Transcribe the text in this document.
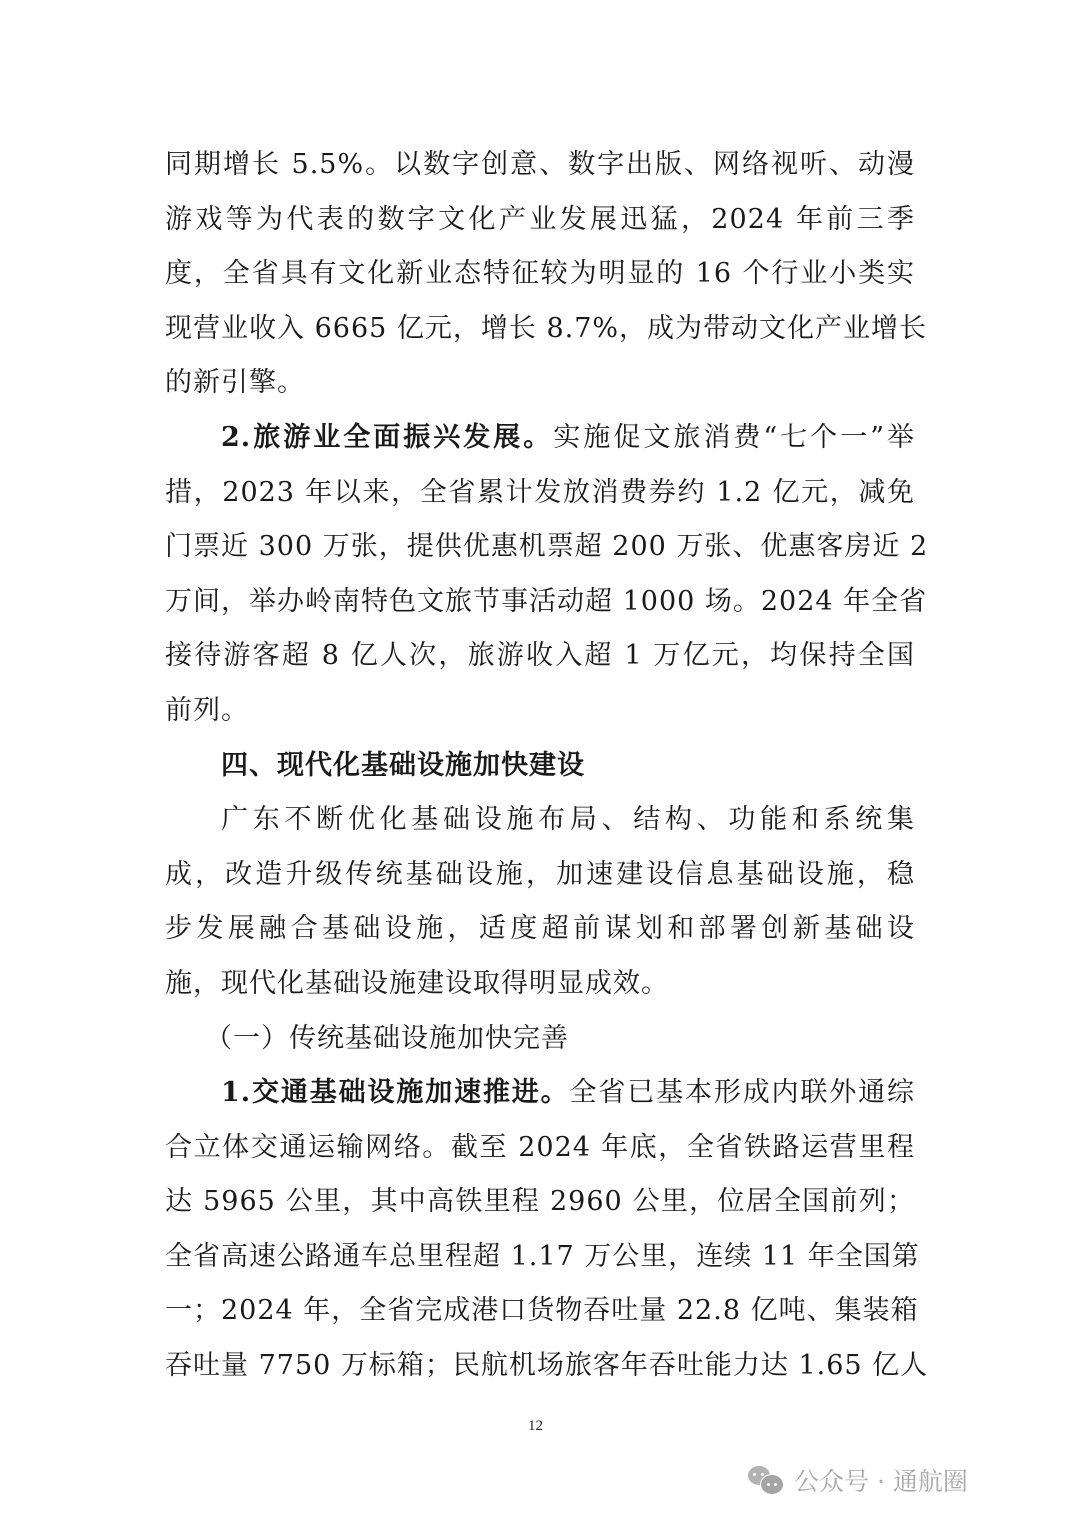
同期增长 5.5%。以数字创意、数字出版、网络视听、动漫
游戏等为代表的数字文化产业发展迅猛，2024 年前三季
度，全省具有文化新业态特征较为明显的 16 个行业小类实
现营业收入 6665 亿元，增长 8.7%，成为带动文化产业增长
的新引擎。
2.旅游业全面振兴发展。实施促文旅消费“七个一”举
措，2023 年以来，全省累计发放消费券约 1.2 亿元，减免
门票近 300 万张，提供优惠机票超 200 万张、优惠客房近 2
万间，举办岭南特色文旅节事活动超 1000 场。2024 年全省
接待游客超 8 亿人次，旅游收入超 1 万亿元，均保持全国
前列。
四、现代化基础设施加快建设
广东不断优化基础设施布局、结构、功能和系统集
成，改造升级传统基础设施，加速建设信息基础设施，稳
步发展融合基础设施，适度超前谋划和部署创新基础设
施，现代化基础设施建设取得明显成效。
（一）传统基础设施加快完善
1.交通基础设施加速推进。全省已基本形成内联外通综
合立体交通运输网络。截至 2024 年底，全省铁路运营里程
达 5965 公里，其中高铁里程 2960 公里，位居全国前列；
全省高速公路通车总里程超 1.17 万公里，连续 11 年全国第
一；2024 年，全省完成港口货物吞吐量 22.8 亿吨、集装箱
吞吐量 7750 万标箱；民航机场旅客年吞吐能力达 1.65 亿人
12
公众号 · 通航圈
